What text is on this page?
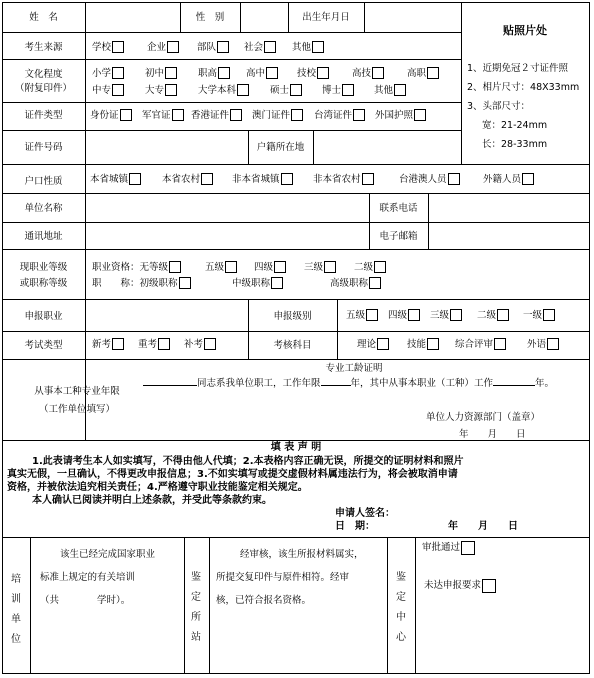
姓　名	性　别	出生年月日
贴照片处
1、近期免冠２寸证件照
2、相片尺寸：48X33mm
3、头部尺寸：
宽：21-24mm
长：28-33mm
考生来源	学校	企业	部队	社会	其他
文化程度
（附复印件）
小学	初中	职高	高中	技校	高技	高职
中专	大专	大学本科	硕士	博士	其他
证件类型	身份证	军官证	香港证件	澳门证件	台湾证件	外国护照
证件号码	户籍所在地
户口性质	本省城镇	本省农村	非本省城镇	非本省农村	台港澳人员	外籍人员
单位名称	联系电话
通讯地址	电子邮箱
现职业等级
或职称等级
职业资格：无等级	五级	四级	三级	二级
职　　称：初级职称	中级职称	高级职称
申报职业	申报级别	五级	四级	三级	二级	一级
考试类型	新考	重考	补考	考核科目	理论	技能	综合评审	外语
从事本工种专业年限
（工作单位填写）
专业工龄证明
同志系我单位职工，工作年限	年，其中从事本职业（工种）工作	年。
单位人力资源部门（盖章）
年　　月　　日
填 表 声 明
1.此表请考生本人如实填写，不得由他人代填；2.本表格内容正确无误，所提交的证明材料和照片
真实无假，一旦确认，不得更改申报信息；3.不如实填写或提交虚假材料属违法行为，将会被取消申请
资格，并被依法追究相关责任；4.严格遵守职业技能鉴定相关规定。
本人确认已阅读并明白上述条款，并受此等条款约束。
申请人签名：
日　期：	年　　月　　日
培训单位
该生已经完成国家职业
标准上规定的有关培训
（共　　　　学时）。
鉴定所站
经审核，该生所报材料属实，
所提交复印件与原件相符。经审
核，已符合报名资格。
鉴定中心
审批通过
未达申报要求
